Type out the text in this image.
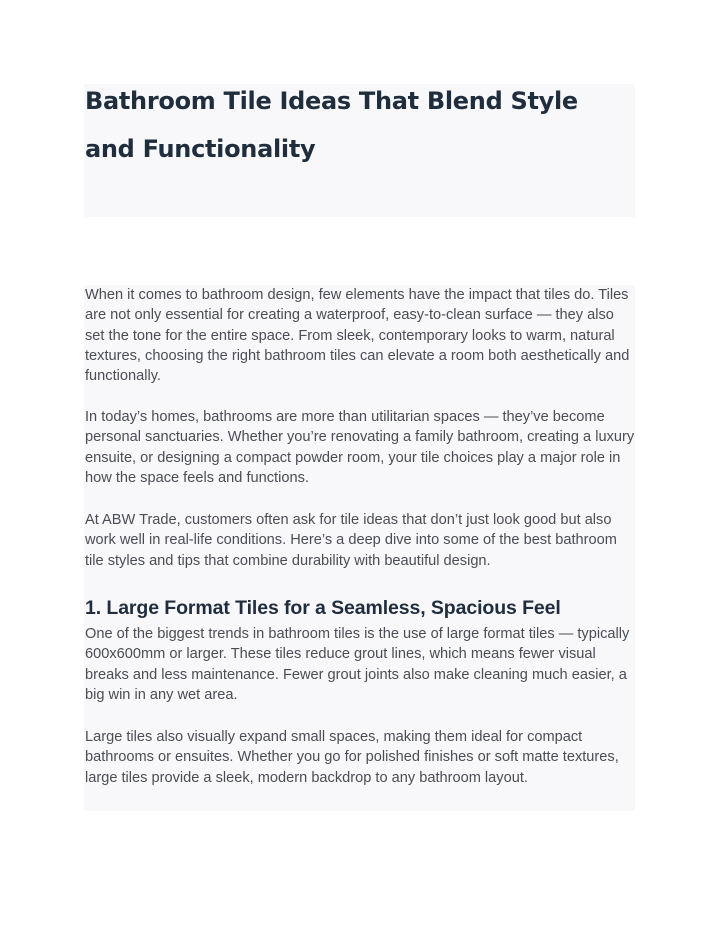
Bathroom Tile Ideas That Blend Style and Functionality

When it comes to bathroom design, few elements have the impact that tiles do. Tiles are not only essential for creating a waterproof, easy-to-clean surface — they also set the tone for the entire space. From sleek, contemporary looks to warm, natural textures, choosing the right bathroom tiles can elevate a room both aesthetically and functionally.

In today’s homes, bathrooms are more than utilitarian spaces — they’ve become personal sanctuaries. Whether you’re renovating a family bathroom, creating a luxury ensuite, or designing a compact powder room, your tile choices play a major role in how the space feels and functions.

At ABW Trade, customers often ask for tile ideas that don’t just look good but also work well in real-life conditions. Here’s a deep dive into some of the best bathroom tile styles and tips that combine durability with beautiful design.

1. Large Format Tiles for a Seamless, Spacious Feel

One of the biggest trends in bathroom tiles is the use of large format tiles — typically 600x600mm or larger. These tiles reduce grout lines, which means fewer visual breaks and less maintenance. Fewer grout joints also make cleaning much easier, a big win in any wet area.

Large tiles also visually expand small spaces, making them ideal for compact bathrooms or ensuites. Whether you go for polished finishes or soft matte textures, large tiles provide a sleek, modern backdrop to any bathroom layout.
